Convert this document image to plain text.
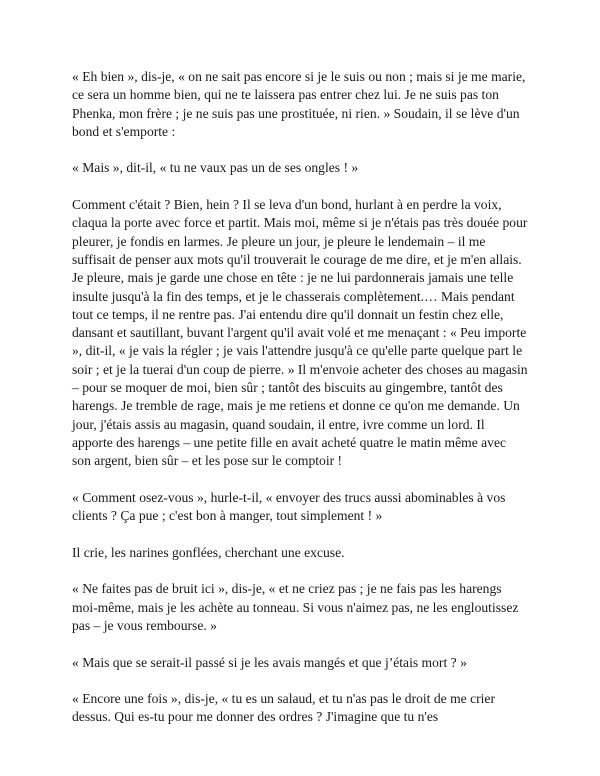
« Eh bien », dis-je, « on ne sait pas encore si je le suis ou non ; mais si je me marie, ce sera un homme bien, qui ne te laissera pas entrer chez lui. Je ne suis pas ton Phenka, mon frère ; je ne suis pas une prostituée, ni rien. » Soudain, il se lève d'un bond et s'emporte :

« Mais », dit-il, « tu ne vaux pas un de ses ongles ! »

Comment c'était ? Bien, hein ? Il se leva d'un bond, hurlant à en perdre la voix, claqua la porte avec force et partit. Mais moi, même si je n'étais pas très douée pour pleurer, je fondis en larmes. Je pleure un jour, je pleure le lendemain – il me suffisait de penser aux mots qu'il trouverait le courage de me dire, et je m'en allais. Je pleure, mais je garde une chose en tête : je ne lui pardonnerais jamais une telle insulte jusqu'à la fin des temps, et je le chasserais complètement.… Mais pendant tout ce temps, il ne rentre pas. J'ai entendu dire qu'il donnait un festin chez elle, dansant et sautillant, buvant l'argent qu'il avait volé et me menaçant : « Peu importe », dit-il, « je vais la régler ; je vais l'attendre jusqu'à ce qu'elle parte quelque part le soir ; et je la tuerai d'un coup de pierre. » Il m'envoie acheter des choses au magasin – pour se moquer de moi, bien sûr ; tantôt des biscuits au gingembre, tantôt des harengs. Je tremble de rage, mais je me retiens et donne ce qu'on me demande. Un jour, j'étais assis au magasin, quand soudain, il entre, ivre comme un lord. Il apporte des harengs – une petite fille en avait acheté quatre le matin même avec son argent, bien sûr – et les pose sur le comptoir !

« Comment osez-vous », hurle-t-il, « envoyer des trucs aussi abominables à vos clients ? Ça pue ; c'est bon à manger, tout simplement ! »

Il crie, les narines gonflées, cherchant une excuse.

« Ne faites pas de bruit ici », dis-je, « et ne criez pas ; je ne fais pas les harengs moi-même, mais je les achète au tonneau. Si vous n'aimez pas, ne les engloutissez pas – je vous rembourse. »

« Mais que se serait-il passé si je les avais mangés et que j’étais mort ? »

« Encore une fois », dis-je, « tu es un salaud, et tu n'as pas le droit de me crier dessus. Qui es-tu pour me donner des ordres ? J'imagine que tu n'es
